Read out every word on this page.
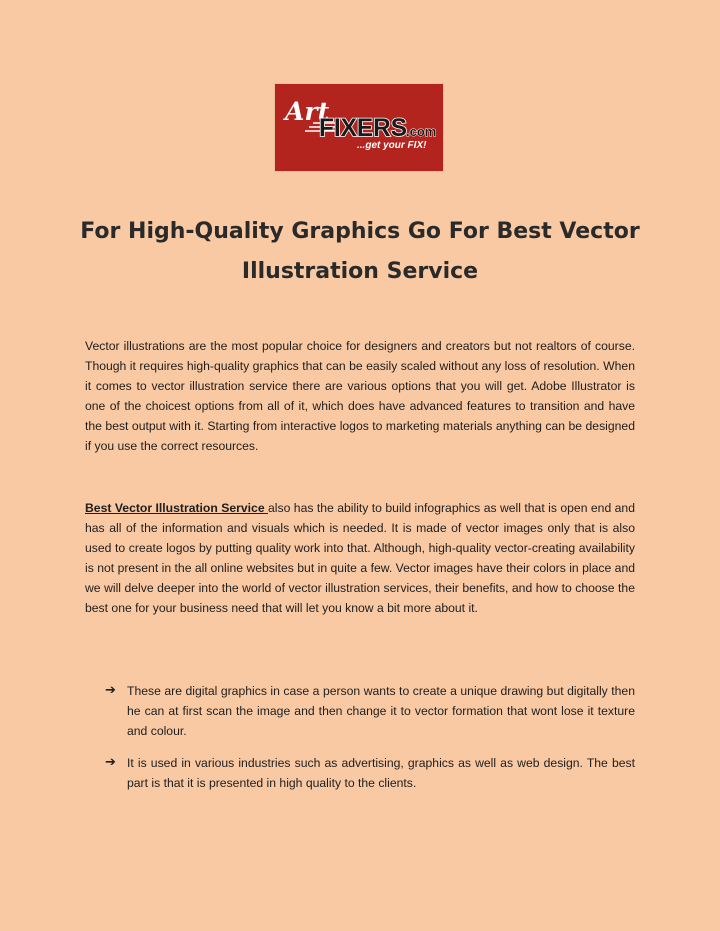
Art
FIXERS .com
...get your FIX!
For High-Quality Graphics Go For Best Vector
Illustration Service

Vector illustrations are the most popular choice for designers and creators but not realtors of course. Though it requires high-quality graphics that can be easily scaled without any loss of resolution. When it comes to vector illustration service there are various options that you will get. Adobe Illustrator is one of the choicest options from all of it, which does have advanced features to transition and have the best output with it. Starting from interactive logos to marketing materials anything can be designed if you use the correct resources.

Best Vector Illustration Service also has the ability to build infographics as well that is open end and has all of the information and visuals which is needed. It is made of vector images only that is also used to create logos by putting quality work into that. Although, high-quality vector-creating availability is not present in the all online websites but in quite a few. Vector images have their colors in place and we will delve deeper into the world of vector illustration services, their benefits, and how to choose the best one for your business need that will let you know a bit more about it.

➔ These are digital graphics in case a person wants to create a unique drawing but digitally then he can at first scan the image and then change it to vector formation that wont lose it texture and colour.
➔ It is used in various industries such as advertising, graphics as well as web design. The best part is that it is presented in high quality to the clients.
